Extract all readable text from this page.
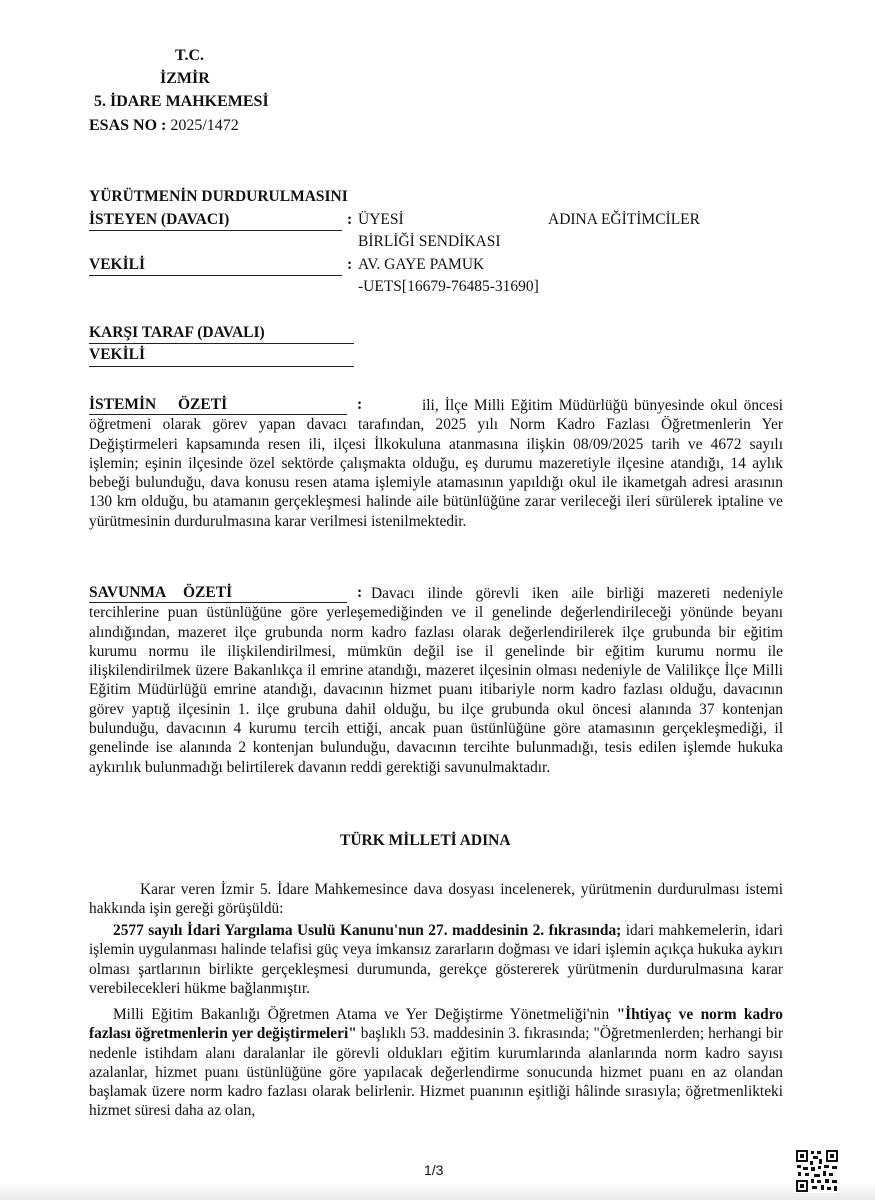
T.C.
İZMİR
5. İDARE MAHKEMESİ
ESAS NO : 2025/1472
YÜRÜTMENİN DURDURULMASINI
İSTEYEN (DAVACI)	: ÜYESİ	ADINA EĞİTİMCİLER
BİRLİĞİ SENDİKASI
VEKİLİ	: AV. GAYE PAMUK
-UETS[16679-76485-31690]
KARŞI TARAF (DAVALI)
VEKİLİ
İSTEMİN ÖZETİ	:	ili, İlçe Milli Eğitim Müdürlüğü bünyesinde okul öncesi öğretmeni olarak görev yapan davacı tarafından, 2025 yılı Norm Kadro Fazlası Öğretmenlerin Yer Değiştirmeleri kapsamında resen ili, ilçesi İlkokuluna atanmasına ilişkin 08/09/2025 tarih ve 4672 sayılı işlemin; eşinin ilçesinde özel sektörde çalışmakta olduğu, eş durumu mazeretiyle ilçesine atandığı, 14 aylık bebeği bulunduğu, dava konusu resen atama işlemiyle atamasının yapıldığı okul ile ikametgah adresi arasının 130 km olduğu, bu atamanın gerçekleşmesi halinde aile bütünlüğüne zarar verileceği ileri sürülerek iptaline ve yürütmesinin durdurulmasına karar verilmesi istenilmektedir.

SAVUNMA ÖZETİ	: Davacı ilinde görevli iken aile birliği mazereti nedeniyle tercihlerine puan üstünlüğüne göre yerleşemediğinden ve il genelinde değerlendirileceği yönünde beyanı alındığından, mazeret ilçe grubunda norm kadro fazlası olarak değerlendirilerek ilçe grubunda bir eğitim kurumu normu ile ilişkilendirilmesi, mümkün değil ise il genelinde bir eğitim kurumu normu ile ilişkilendirilmek üzere Bakanlıkça il emrine atandığı, mazeret ilçesinin olması nedeniyle de Valilikçe İlçe Milli Eğitim Müdürlüğü emrine atandığı, davacının hizmet puanı itibariyle norm kadro fazlası olduğu, davacının görev yaptığ ilçesinin 1. ilçe grubuna dahil olduğu, bu ilçe grubunda okul öncesi alanında 37 kontenjan bulunduğu, davacının 4 kurumu tercih ettiği, ancak puan üstünlüğüne göre atamasının gerçekleşmediği, il genelinde ise alanında 2 kontenjan bulunduğu, davacının tercihte bulunmadığı, tesis edilen işlemde hukuka aykırılık bulunmadığı belirtilerek davanın reddi gerektiği savunulmaktadır.

TÜRK MİLLETİ ADINA

Karar veren İzmir 5. İdare Mahkemesince dava dosyası incelenerek, yürütmenin durdurulması istemi hakkında işin gereği görüşüldü:

2577 sayılı İdari Yargılama Usulü Kanunu'nun 27. maddesinin 2. fıkrasında; idari mahkemelerin, idari işlemin uygulanması halinde telafisi güç veya imkansız zararların doğması ve idari işlemin açıkça hukuka aykırı olması şartlarının birlikte gerçekleşmesi durumunda, gerekçe göstererek yürütmenin durdurulmasına karar verebilecekleri hükme bağlanmıştır.

Milli Eğitim Bakanlığı Öğretmen Atama ve Yer Değiştirme Yönetmeliği'nin "İhtiyaç ve norm kadro fazlası öğretmenlerin yer değiştirmeleri" başlıklı 53. maddesinin 3. fıkrasında; "Öğretmenlerden; herhangi bir nedenle istihdam alanı daralanlar ile görevli oldukları eğitim kurumlarında alanlarında norm kadro sayısı azalanlar, hizmet puanı üstünlüğüne göre yapılacak değerlendirme sonucunda hizmet puanı en az olandan başlamak üzere norm kadro fazlası olarak belirlenir. Hizmet puanının eşitliği hâlinde sırasıyla; öğretmenlikteki hizmet süresi daha az olan,

1/3
